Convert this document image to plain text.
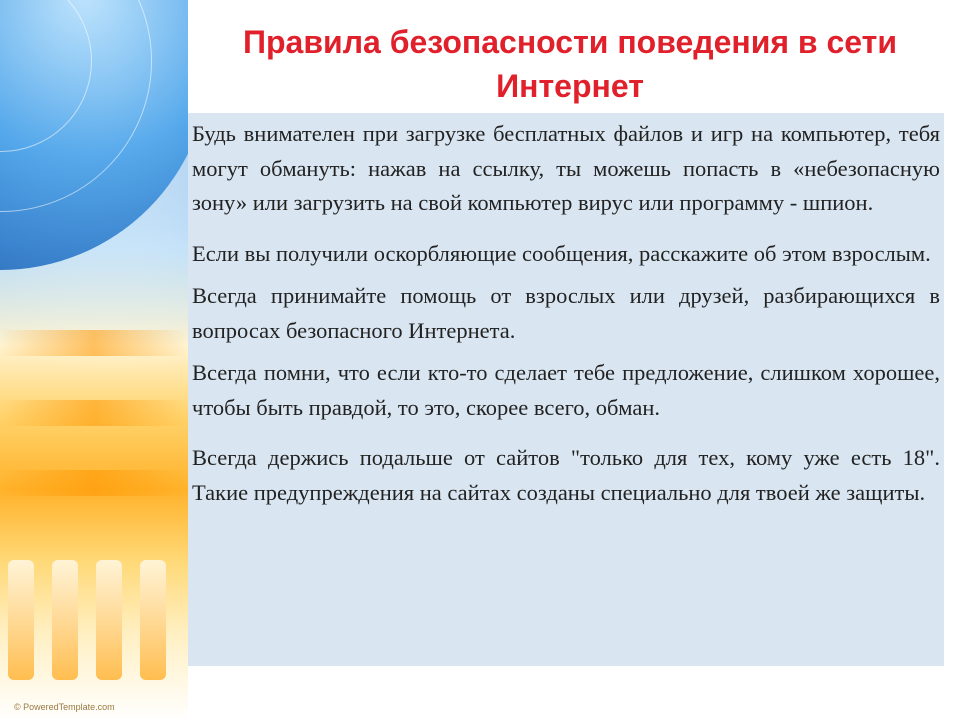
© PoweredTemplate.com
Правила безопасности поведения в сети Интернет

Будь внимателен при загрузке бесплатных файлов и игр на компьютер, тебя могут обмануть: нажав на ссылку, ты можешь попасть в «небезопасную зону» или загрузить на свой компьютер вирус или программу - шпион.

Если вы получили оскорбляющие сообщения, расскажите об этом взрослым.

Всегда принимайте помощь от взрослых или друзей, разбирающихся в вопросах безопасного Интернета.

Всегда помни, что если кто-то сделает тебе предложение, слишком хорошее, чтобы быть правдой, то это, скорее всего, обман.

Всегда держись подальше от сайтов "только для тех, кому уже есть 18". Такие предупреждения на сайтах созданы специально для твоей же защиты.
